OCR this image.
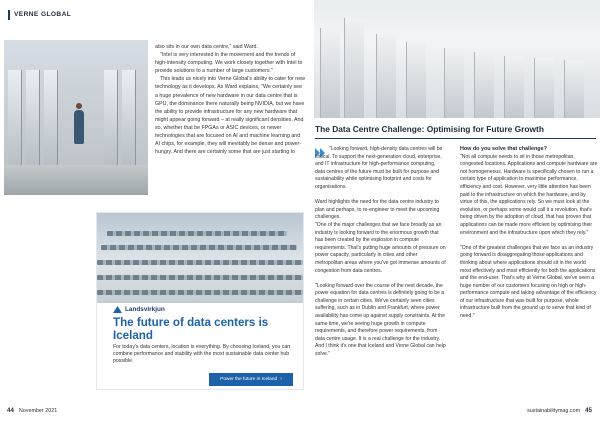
VERNE GLOBAL

also sits in our own data centre," said Ward.

"Intel is very interested in the movement and the trends of high-intensity computing. We work closely together with Intel to provide solutions to a number of large customers."

This leads us nicely into Verne Global's ability to cater for new technology as it develops. As Ward explains, "We certainly see a huge prevalence of new hardware in our data centre that is GPU, the dominance there naturally being NVIDIA, but we have the ability to provide infrastructure for any new hardware that might appear going forward – at really significant densities. And so, whether that be FPGAs or ASIC devices, or newer technologies that are focused on AI and machine learning and AI chips, for example, they will inevitably be dense and power-hungry. And there are certainly some that are just starting to

Landsvirkjun
The future of data centers is Iceland
For today's data centers, location is everything. By choosing Iceland, you can combine performance and stability with the most sustainable data center hub possible.
Power the future in Iceland ›
The Data Centre Challenge: Optimising for Future Growth

"Looking forward, high-density data centres will be critical. To support the next-generation cloud, enterprise, and IT infrastructure for high-performance computing, data centres of the future must be built for purpose and sustainability while optimising footprint and costs for organisations.

Ward highlights the need for the data centre industry to plan and perhaps, to re-engineer to meet the upcoming challenges.

"One of the major challenges that we face broadly as an industry is looking forward to the enormous growth that has been created by the explosion in compute requirements. That's putting huge amounts of pressure on power capacity, particularly in cities and other metropolitan areas where you've got immense amounts of congestion from data centres.

"Looking forward over the course of the next decade, the power equation for data centres is definitely going to be a challenge in certain cities. We've certainly seen cities suffering, such as in Dublin and Frankfurt, where power availability has come up against supply constraints. At the same time, we're seeing huge growth in compute requirements, and therefore power requirements, from data centre usage. It is a real challenge for the industry. And I think it's one that Iceland and Verne Global can help solve."

How do you solve that challenge?

"Not all compute needs to sit in those metropolitan, congested locations. Applications and compute hardware are not homogeneous. Hardware is specifically chosen to run a certain type of application to maximise performance, efficiency and cost. However, very little attention has been paid to the infrastructure on which the hardware, and by virtue of this, the applications rely. So we must look at the evolution, or perhaps some would call it a revolution, that's being driven by the adoption of cloud, that has proven that applications can be made more efficient by optimising their environment and the infrastructure upon which they rely."

"One of the greatest challenges that we face as an industry going forward is disaggregating those applications and thinking about where applications should sit in the world most effectively and most efficiently for both the applications and the end-user. That's why at Verne Global, we've seen a huge number of our customers focusing on high or high-performance compute and taking advantage of the efficiency of our infrastructure that was built for purpose, whole infrastructure built from the ground up to serve that kind of need."

44 November 2021	sustainabilitymag.com 45
